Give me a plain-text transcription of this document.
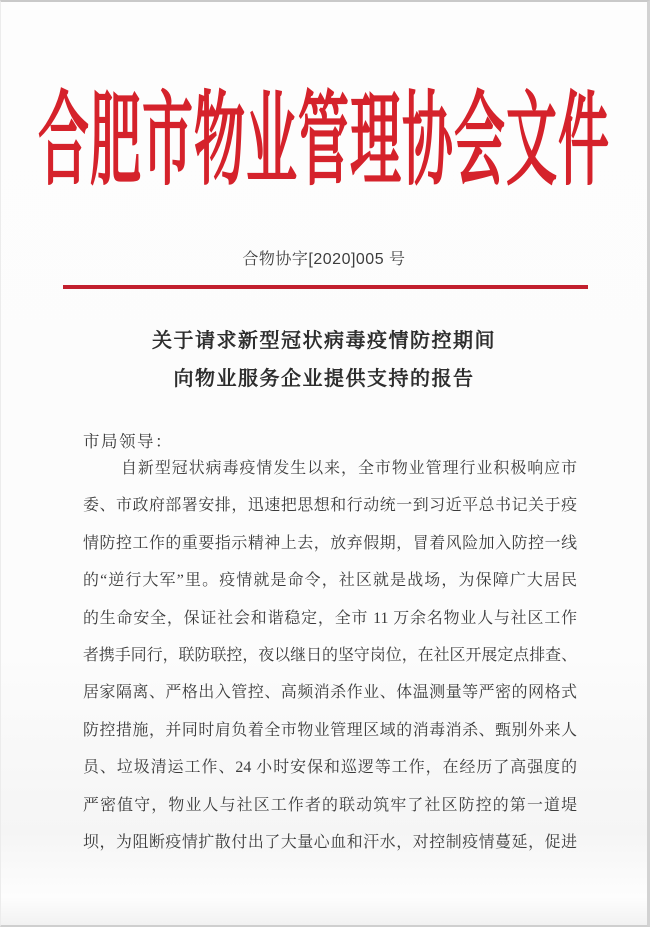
合肥市物业管理协会文件
合物协字[2020]005 号
关于请求新型冠状病毒疫情防控期间
向物业服务企业提供支持的报告
市局领导：
自新型冠状病毒疫情发生以来，全市物业管理行业积极响应市
委、市政府部署安排，迅速把思想和行动统一到习近平总书记关于疫
情防控工作的重要指示精神上去，放弃假期，冒着风险加入防控一线
的“逆行大军”里。疫情就是命令，社区就是战场，为保障广大居民
的生命安全，保证社会和谐稳定，全市 11 万余名物业人与社区工作
者携手同行，联防联控，夜以继日的坚守岗位，在社区开展定点排查、
居家隔离、严格出入管控、高频消杀作业、体温测量等严密的网格式
防控措施，并同时肩负着全市物业管理区域的消毒消杀、甄别外来人
员、垃圾清运工作、24 小时安保和巡逻等工作，在经历了高强度的
严密值守，物业人与社区工作者的联动筑牢了社区防控的第一道堤
坝，为阻断疫情扩散付出了大量心血和汗水，对控制疫情蔓延，促进
